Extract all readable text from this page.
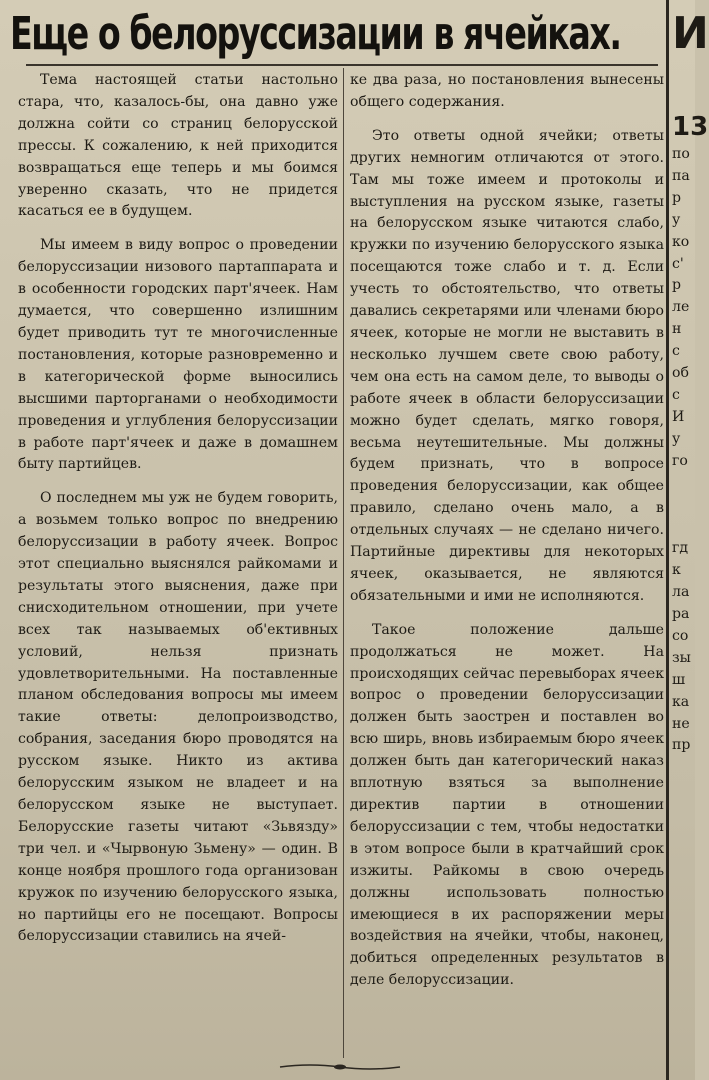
Еще о белоруссизации в ячейках.

Тема настоящей статьи настольно стара, что, казалось-бы, она давно уже должна сойти со страниц белорусской прессы. К сожалению, к ней приходится возвращаться еще теперь и мы боимся уверенно сказать, что не придется касаться ее в будущем.

Мы имеем в виду вопрос о проведении белоруссизации низового партаппарата и в особенности городских парт'ячеек. Нам думается, что совершенно излишним будет приводить тут те многочисленные постановления, которые разновременно и в категорической форме выносились высшими парторганами о необходимости проведения и углубления белоруссизации в работе парт'ячеек и даже в домашнем быту партийцев.

О последнем мы уж не будем говорить, а возьмем только вопрос по внедрению белоруссизации в работу ячеек. Вопрос этот специально выяснялся райкомами и результаты этого выяснения, даже при снисходительном отношении, при учете всех так называемых об'ективных условий, нельзя признать удовлетворительными. На поставленные планом обследования вопросы мы имеем такие ответы: делопроизводство, собрания, заседания бюро проводятся на русском языке. Никто из актива белорусским языком не владеет и на белорусском языке не выступает. Белорусские газеты читают «Зьвязду» три чел. и «Чырвоную Зьмену» — один. В конце ноября прошлого года организован кружок по изучению белорусского языка, но партийцы его не посещают. Вопросы белоруссизации ставились на ячей-

ке два раза, но постановления вынесены общего содержания.

Это ответы одной ячейки; ответы других немногим отличаются от этого. Там мы тоже имеем и протоколы и выступления на русском языке, газеты на белорусском языке читаются слабо, кружки по изучению белорусского языка посещаются тоже слабо и т. д. Если учесть то обстоятельство, что ответы давались секретарями или членами бюро ячеек, которые не могли не выставить в несколько лучшем свете свою работу, чем она есть на самом деле, то выводы о работе ячеек в области белоруссизации можно будет сделать, мягко говоря, весьма неутешительные. Мы должны будем признать, что в вопросе проведения белоруссизации, как общее правило, сделано очень мало, а в отдельных случаях — не сделано ничего. Партийные директивы для некоторых ячеек, оказывается, не являются обязательными и ими не исполняются.

Такое положение дальше продолжаться не может. На происходящих сейчас перевыборах ячеек вопрос о проведении белоруссизации должен быть заострен и поставлен во всю ширь, вновь избираемым бюро ячеек должен быть дан категорический наказ вплотную взяться за выполнение директив партии в отношении белоруссизации с тем, чтобы недостатки в этом вопросе были в кратчайший срок изжиты. Райкомы в свою очередь должны использовать полностью имеющиеся в их распоряжении меры воздействия на ячейки, чтобы, наконец, добиться определенных результатов в деле белоруссизации.

И
13
по
па
р
у
ко
с'
р
ле
н
с
об
с
И
у
го

гд
к
ла
ра
со
зы
ш
ка
не
пр
